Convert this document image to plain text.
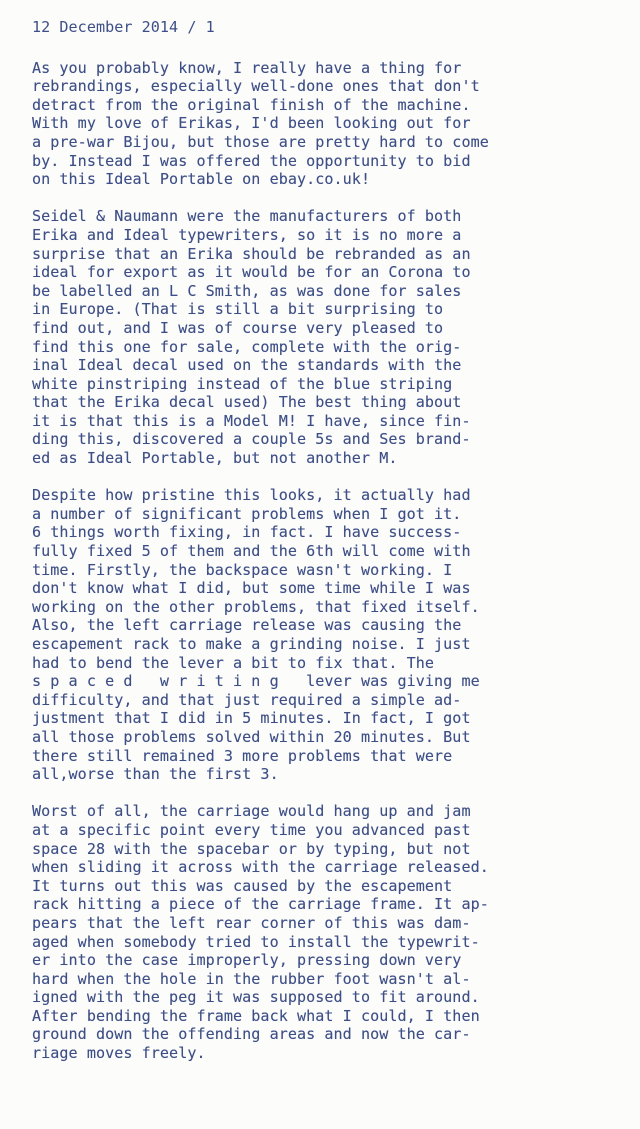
12 December 2014 / 1
As you probably know, I really have a thing for
rebrandings, especially well-done ones that don't
detract from the original finish of the machine.
With my love of Erikas, I'd been looking out for
a pre-war Bijou, but those are pretty hard to come
by. Instead I was offered the opportunity to bid
on this Ideal Portable on ebay.co.uk!
Seidel & Naumann were the manufacturers of both
Erika and Ideal typewriters, so it is no more a
surprise that an Erika should be rebranded as an
ideal for export as it would be for an Corona to
be labelled an L C Smith, as was done for sales
in Europe. (That is still a bit surprising to
find out, and I was of course very pleased to
find this one for sale, complete with the orig-
inal Ideal decal used on the standards with the
white pinstriping instead of the blue striping
that the Erika decal used) The best thing about
it is that this is a Model M! I have, since fin-
ding this, discovered a couple 5s and Ses brand-
ed as Ideal Portable, but not another M.
Despite how pristine this looks, it actually had
a number of significant problems when I got it.
6 things worth fixing, in fact. I have success-
fully fixed 5 of them and the 6th will come with
time. Firstly, the backspace wasn't working. I
don't know what I did, but some time while I was
working on the other problems, that fixed itself.
Also, the left carriage release was causing the
escapement rack to make a grinding noise. I just
had to bend the lever a bit to fix that. The
s p a c e d   w r i t i n g   lever was giving me
difficulty, and that just required a simple ad-
justment that I did in 5 minutes. In fact, I got
all those problems solved within 20 minutes. But
there still remained 3 more problems that were
all,worse than the first 3.
Worst of all, the carriage would hang up and jam
at a specific point every time you advanced past
space 28 with the spacebar or by typing, but not
when sliding it across with the carriage released.
It turns out this was caused by the escapement
rack hitting a piece of the carriage frame. It ap-
pears that the left rear corner of this was dam-
aged when somebody tried to install the typewrit-
er into the case improperly, pressing down very
hard when the hole in the rubber foot wasn't al-
igned with the peg it was supposed to fit around.
After bending the frame back what I could, I then
ground down the offending areas and now the car-
riage moves freely.
